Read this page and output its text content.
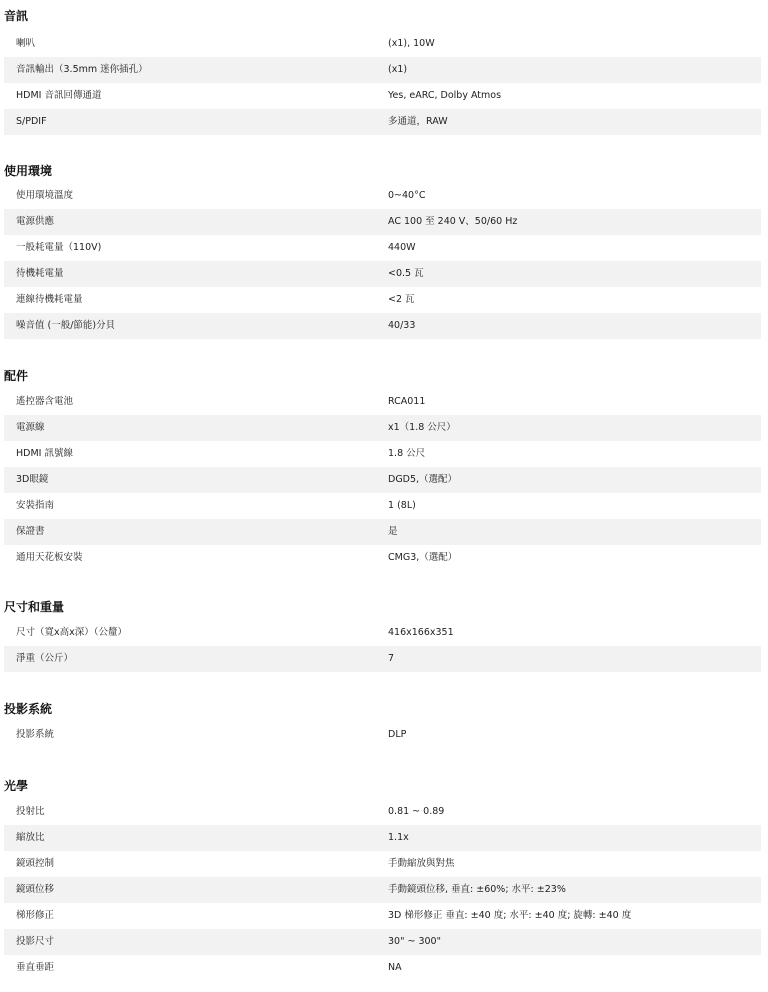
音訊
喇叭	(x1), 10W
音訊輸出（3.5mm 迷你插孔）	(x1)
HDMI 音訊回傳通道	Yes, eARC, Dolby Atmos
S/PDIF	多通道，RAW
使用環境
使用環境溫度	0~40°C
電源供應	AC 100 至 240 V、50/60 Hz
一般耗電量（110V)	440W
待機耗電量	<0.5 瓦
連線待機耗電量	<2 瓦
噪音值 (一般/節能)分貝	40/33
配件
遙控器含電池	RCA011
電源線	x1（1.8 公尺）
HDMI 訊號線	1.8 公尺
3D眼鏡	DGD5,（選配）
安裝指南	1 (8L)
保證書	是
通用天花板安裝	CMG3,（選配）
尺寸和重量
尺寸（寬x高x深）（公釐）	416x166x351
淨重（公斤）	7
投影系統
投影系統	DLP
光學
投射比	0.81 ~ 0.89
縮放比	1.1x
鏡頭控制	手動縮放與對焦
鏡頭位移	手動鏡頭位移, 垂直: ±60%; 水平: ±23%
梯形修正	3D 梯形修正 垂直: ±40 度; 水平: ±40 度; 旋轉: ±40 度
投影尺寸	30" ~ 300"
垂直垂距	NA
